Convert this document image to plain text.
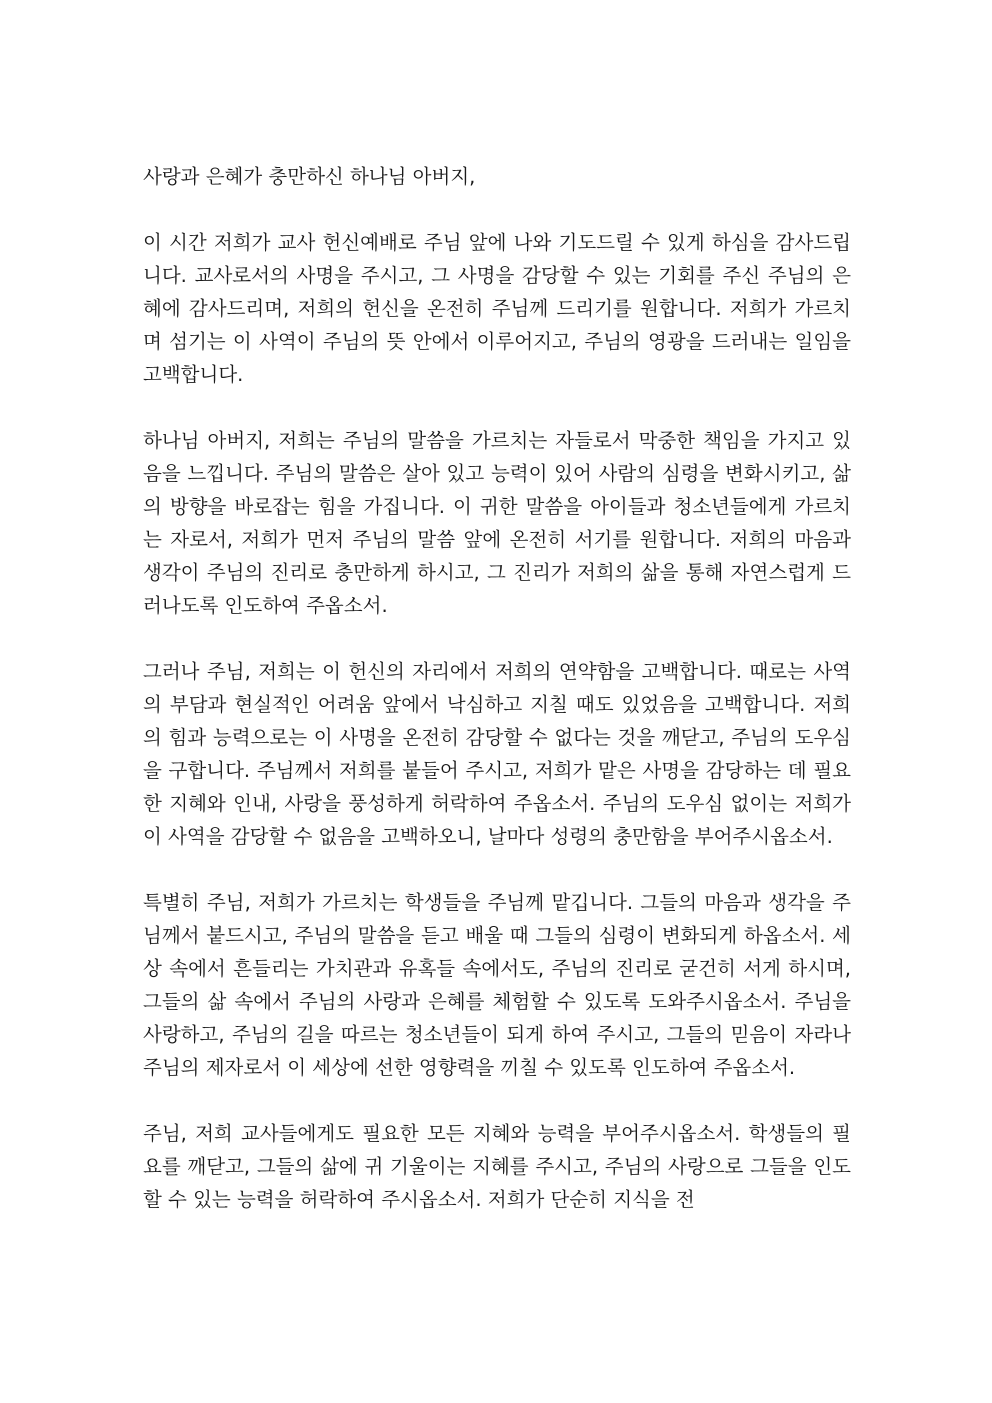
사랑과 은혜가 충만하신 하나님 아버지,

이 시간 저희가 교사 헌신예배로 주님 앞에 나와 기도드릴 수 있게 하심을 감사드립니다. 교사로서의 사명을 주시고, 그 사명을 감당할 수 있는 기회를 주신 주님의 은혜에 감사드리며, 저희의 헌신을 온전히 주님께 드리기를 원합니다. 저희가 가르치며 섬기는 이 사역이 주님의 뜻 안에서 이루어지고, 주님의 영광을 드러내는 일임을 고백합니다.

하나님 아버지, 저희는 주님의 말씀을 가르치는 자들로서 막중한 책임을 가지고 있음을 느낍니다. 주님의 말씀은 살아 있고 능력이 있어 사람의 심령을 변화시키고, 삶의 방향을 바로잡는 힘을 가집니다. 이 귀한 말씀을 아이들과 청소년들에게 가르치는 자로서, 저희가 먼저 주님의 말씀 앞에 온전히 서기를 원합니다. 저희의 마음과 생각이 주님의 진리로 충만하게 하시고, 그 진리가 저희의 삶을 통해 자연스럽게 드러나도록 인도하여 주옵소서.

그러나 주님, 저희는 이 헌신의 자리에서 저희의 연약함을 고백합니다. 때로는 사역의 부담과 현실적인 어려움 앞에서 낙심하고 지칠 때도 있었음을 고백합니다. 저희의 힘과 능력으로는 이 사명을 온전히 감당할 수 없다는 것을 깨닫고, 주님의 도우심을 구합니다. 주님께서 저희를 붙들어 주시고, 저희가 맡은 사명을 감당하는 데 필요한 지혜와 인내, 사랑을 풍성하게 허락하여 주옵소서. 주님의 도우심 없이는 저희가 이 사역을 감당할 수 없음을 고백하오니, 날마다 성령의 충만함을 부어주시옵소서.

특별히 주님, 저희가 가르치는 학생들을 주님께 맡깁니다. 그들의 마음과 생각을 주님께서 붙드시고, 주님의 말씀을 듣고 배울 때 그들의 심령이 변화되게 하옵소서. 세상 속에서 흔들리는 가치관과 유혹들 속에서도, 주님의 진리로 굳건히 서게 하시며, 그들의 삶 속에서 주님의 사랑과 은혜를 체험할 수 있도록 도와주시옵소서. 주님을 사랑하고, 주님의 길을 따르는 청소년들이 되게 하여 주시고, 그들의 믿음이 자라나 주님의 제자로서 이 세상에 선한 영향력을 끼칠 수 있도록 인도하여 주옵소서.

주님, 저희 교사들에게도 필요한 모든 지혜와 능력을 부어주시옵소서. 학생들의 필요를 깨닫고, 그들의 삶에 귀 기울이는 지혜를 주시고, 주님의 사랑으로 그들을 인도할 수 있는 능력을 허락하여 주시옵소서. 저희가 단순히 지식을 전
